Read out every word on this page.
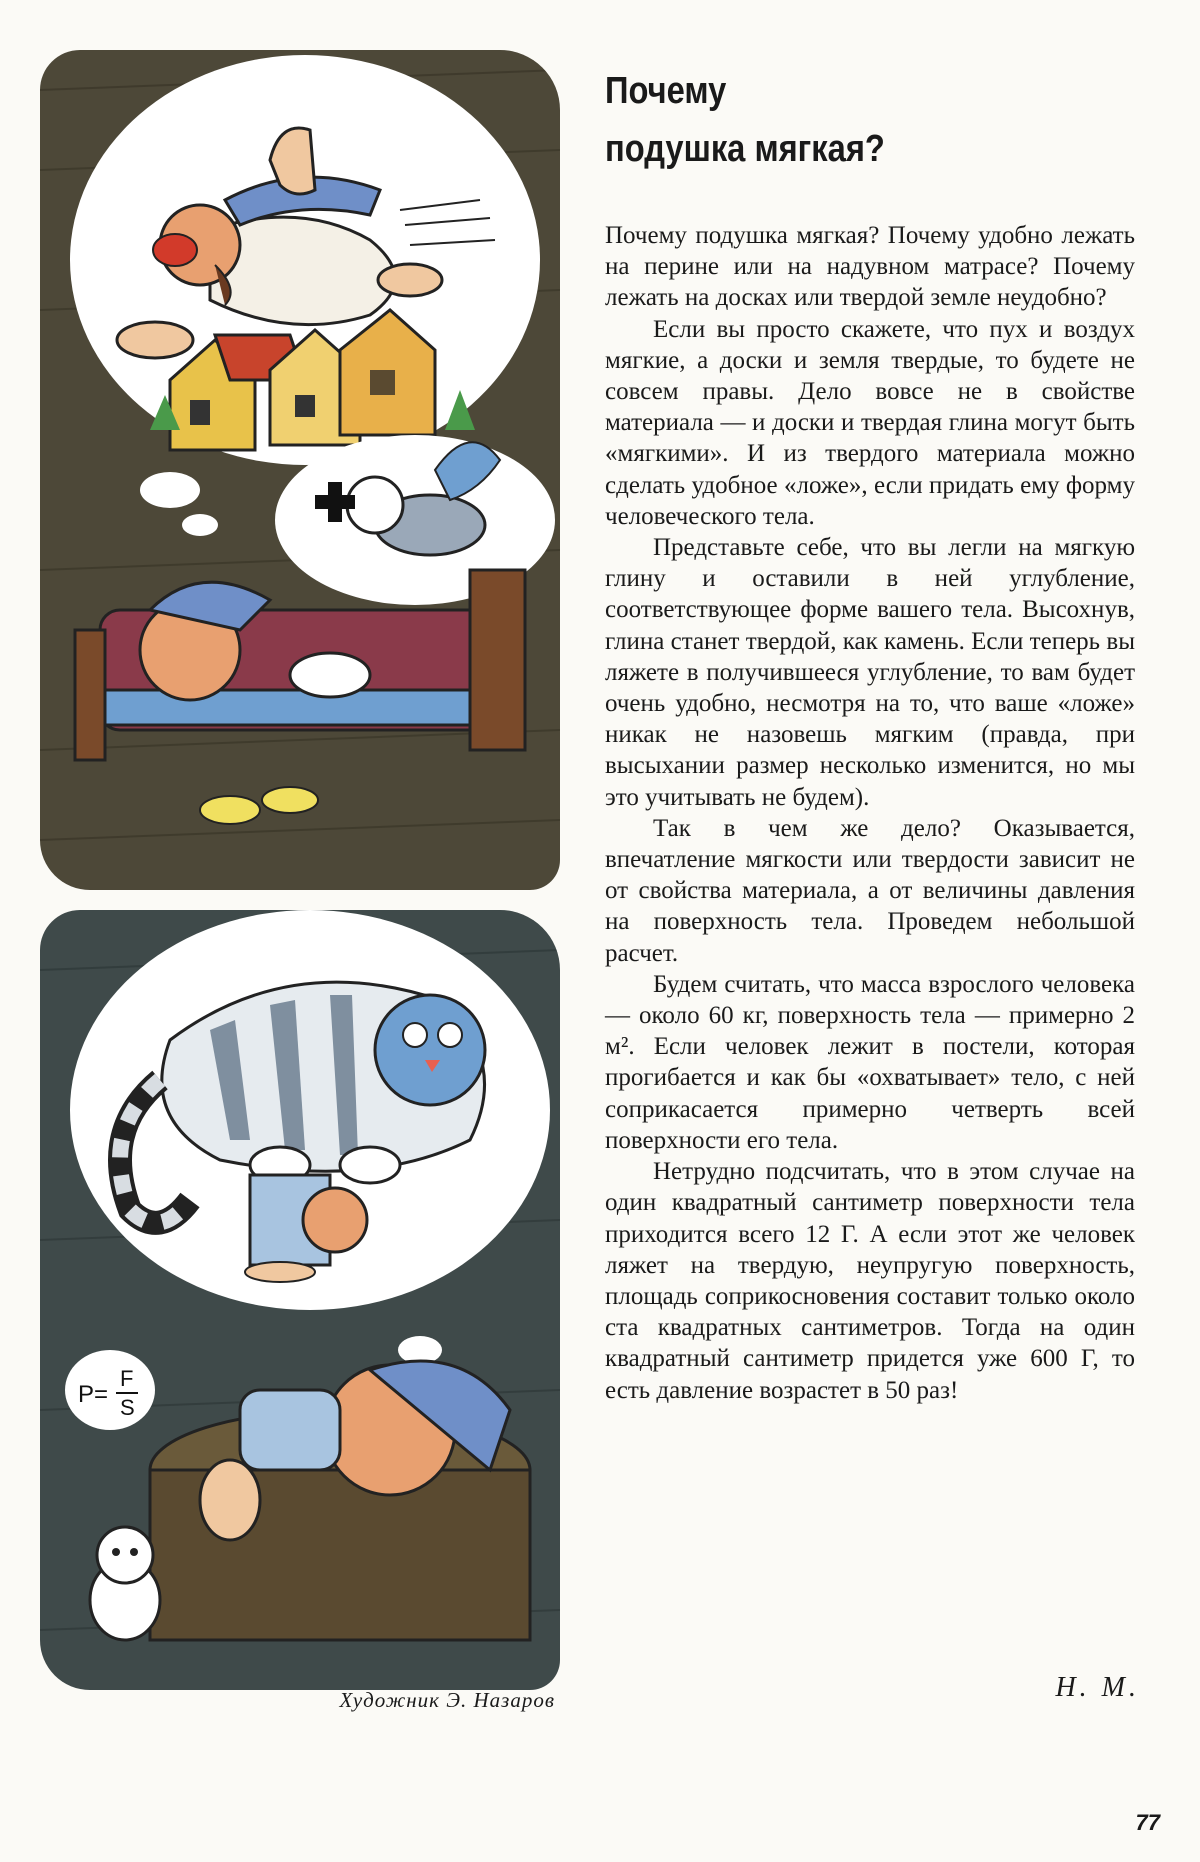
P=
F
S
Художник Э. Назаров
Почему
подушка мягкая?

Почему подушка мягкая? Почему удобно лежать на перине или на надувном матрасе? Почему лежать на досках или твердой земле неудобно?

Если вы просто скажете, что пух и воздух мягкие, а доски и земля твердые, то будете не совсем правы. Дело вовсе не в свойстве материала — и доски и твердая глина могут быть «мягкими». И из твердого материала можно сделать удобное «ложе», если придать ему форму человеческого тела.

Представьте себе, что вы легли на мягкую глину и оставили в ней углубление, соответствующее форме вашего тела. Высохнув, глина станет твердой, как камень. Если теперь вы ляжете в получившееся углубление, то вам будет очень удобно, несмотря на то, что ваше «ложе» никак не назовешь мягким (правда, при высыхании размер несколько изменится, но мы это учитывать не будем).

Так в чем же дело? Оказывается, впечатление мягкости или твердости зависит не от свойства материала, а от величины давления на поверхность тела. Проведем небольшой расчет.

Будем считать, что масса взрослого человека — около 60 кг, поверхность тела — примерно 2 м². Если человек лежит в постели, которая прогибается и как бы «охватывает» тело, с ней соприкасается примерно четверть всей поверхности его тела.

Нетрудно подсчитать, что в этом случае на один квадратный сантиметр поверхности тела приходится всего 12 Г. А если этот же человек ляжет на твердую, неупругую поверхность, площадь соприкосновения составит только около ста квадратных сантиметров. Тогда на один квадратный сантиметр придется уже 600 Г, то есть давление возрастет в 50 раз!

Н. М.
77
